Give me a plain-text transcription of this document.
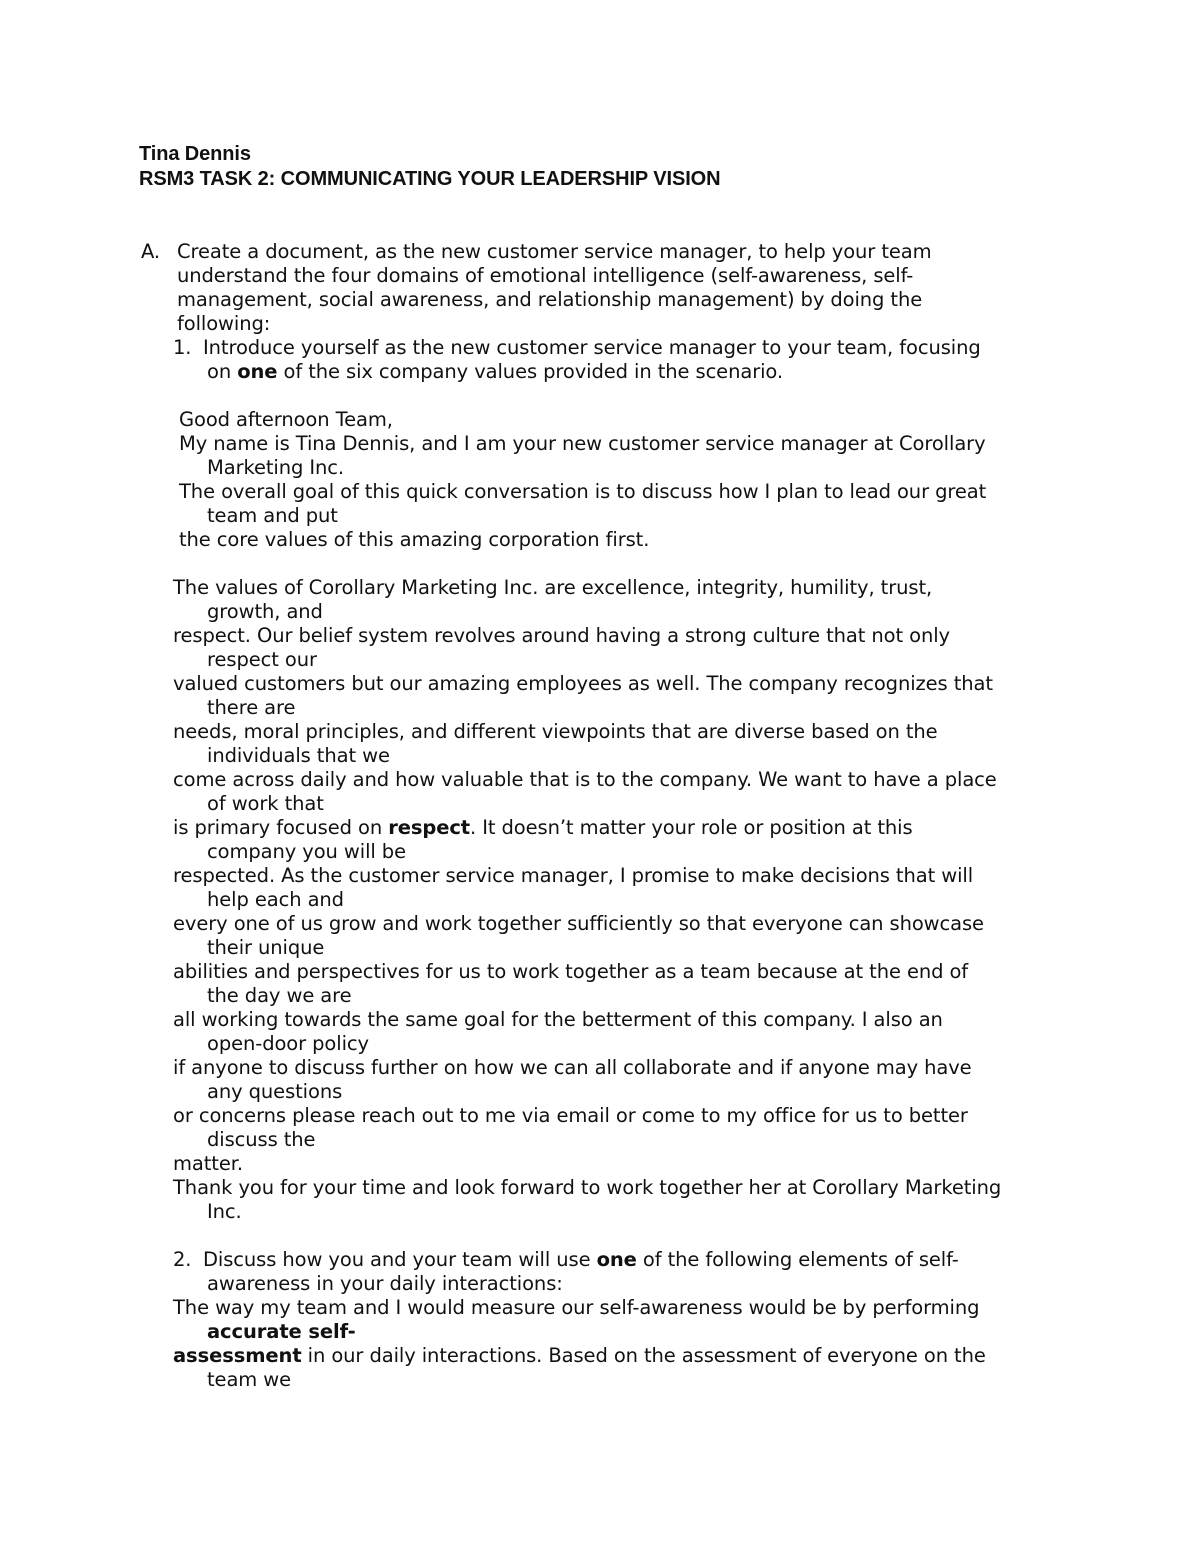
Tina Dennis
RSM3 TASK 2: COMMUNICATING YOUR LEADERSHIP VISION
A. Create a document, as the new customer service manager, to help your team
understand the four domains of emotional intelligence (self-awareness, self-
management, social awareness, and relationship management) by doing the
following:
1. Introduce yourself as the new customer service manager to your team, focusing
on one of the six company values provided in the scenario.
Good afternoon Team,
My name is Tina Dennis, and I am your new customer service manager at Corollary
Marketing Inc.
The overall goal of this quick conversation is to discuss how I plan to lead our great
team and put
the core values of this amazing corporation first.
The values of Corollary Marketing Inc. are excellence, integrity, humility, trust,
growth, and
respect. Our belief system revolves around having a strong culture that not only
respect our
valued customers but our amazing employees as well. The company recognizes that
there are
needs, moral principles, and different viewpoints that are diverse based on the
individuals that we
come across daily and how valuable that is to the company. We want to have a place
of work that
is primary focused on respect. It doesn’t matter your role or position at this
company you will be
respected. As the customer service manager, I promise to make decisions that will
help each and
every one of us grow and work together sufficiently so that everyone can showcase
their unique
abilities and perspectives for us to work together as a team because at the end of
the day we are
all working towards the same goal for the betterment of this company. I also an
open-door policy
if anyone to discuss further on how we can all collaborate and if anyone may have
any questions
or concerns please reach out to me via email or come to my office for us to better
discuss the
matter.
Thank you for your time and look forward to work together her at Corollary Marketing
Inc.
2. Discuss how you and your team will use one of the following elements of self-
awareness in your daily interactions:
The way my team and I would measure our self-awareness would be by performing
accurate self-
assessment in our daily interactions. Based on the assessment of everyone on the
team we
